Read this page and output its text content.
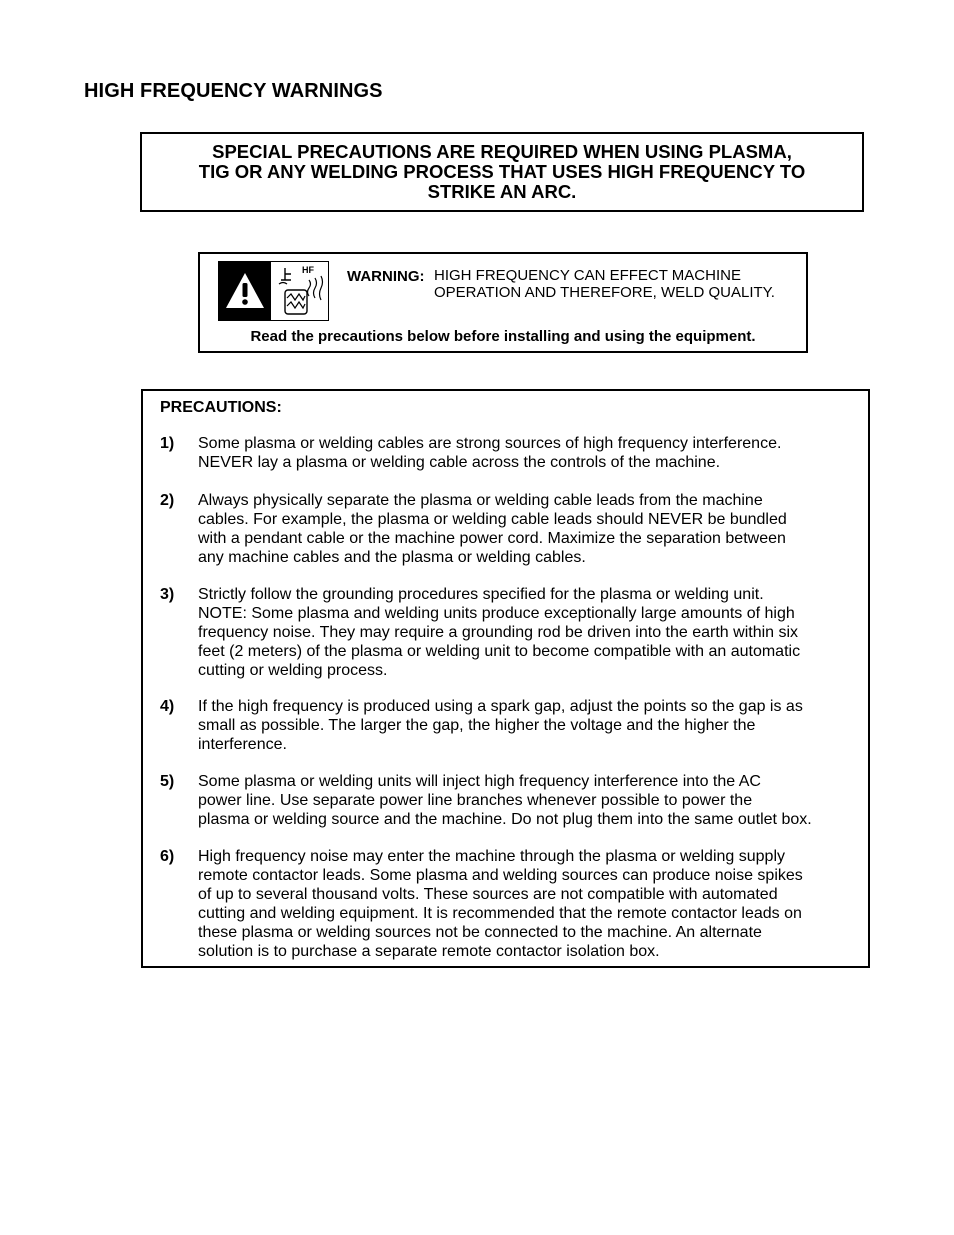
HIGH FREQUENCY WARNINGS
SPECIAL PRECAUTIONS ARE REQUIRED WHEN USING PLASMA,
TIG OR ANY WELDING PROCESS THAT USES HIGH FREQUENCY TO
STRIKE AN ARC.
HF WARNING: HIGH FREQUENCY CAN EFFECT MACHINE
OPERATION AND THEREFORE, WELD QUALITY.
Read the precautions below before installing and using the equipment.
PRECAUTIONS:
1) Some plasma or welding cables are strong sources of high frequency interference.
NEVER lay a plasma or welding cable across the controls of the machine.
2) Always physically separate the plasma or welding cable leads from the machine
cables. For example, the plasma or welding cable leads should NEVER be bundled
with a pendant cable or the machine power cord. Maximize the separation between
any machine cables and the plasma or welding cables.
3) Strictly follow the grounding procedures specified for the plasma or welding unit.
NOTE: Some plasma and welding units produce exceptionally large amounts of high
frequency noise. They may require a grounding rod be driven into the earth within six
feet (2 meters) of the plasma or welding unit to become compatible with an automatic
cutting or welding process.
4) If the high frequency is produced using a spark gap, adjust the points so the gap is as
small as possible. The larger the gap, the higher the voltage and the higher the
interference.
5) Some plasma or welding units will inject high frequency interference into the AC
power line. Use separate power line branches whenever possible to power the
plasma or welding source and the machine. Do not plug them into the same outlet box.
6) High frequency noise may enter the machine through the plasma or welding supply
remote contactor leads. Some plasma and welding sources can produce noise spikes
of up to several thousand volts. These sources are not compatible with automated
cutting and welding equipment. It is recommended that the remote contactor leads on
these plasma or welding sources not be connected to the machine. An alternate
solution is to purchase a separate remote contactor isolation box.
